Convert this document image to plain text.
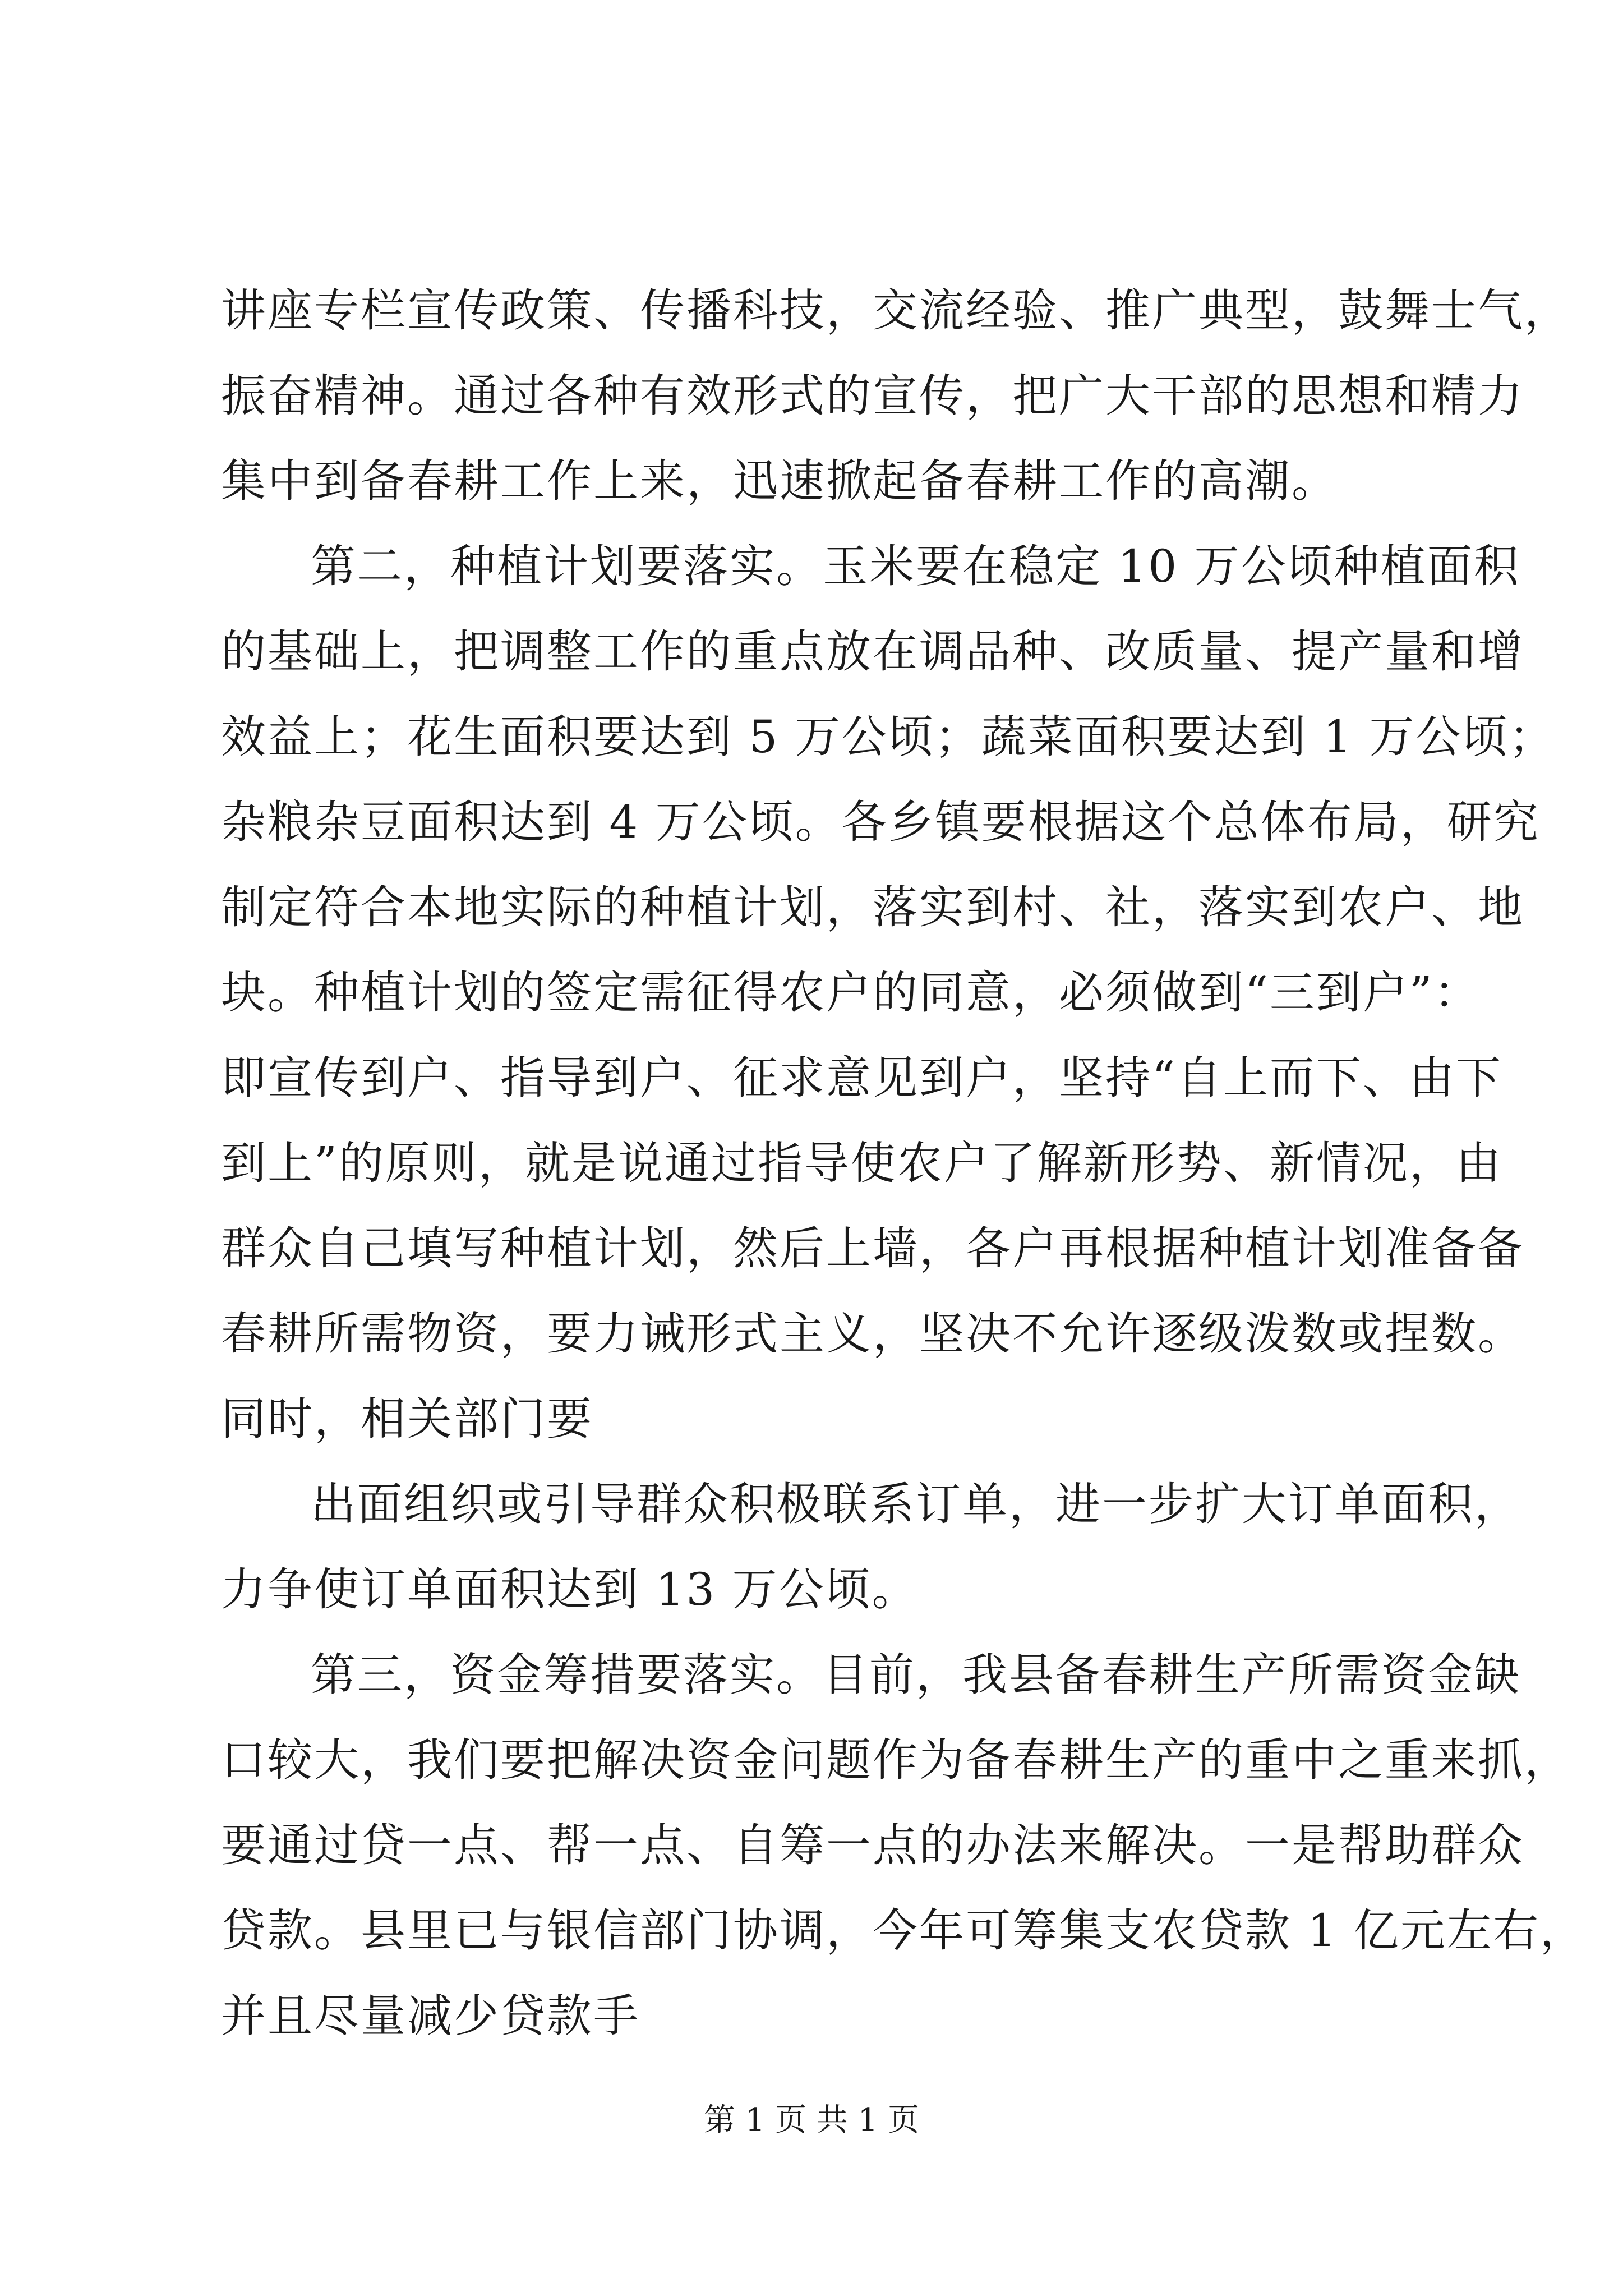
讲座专栏宣传政策、传播科技，交流经验、推广典型，鼓舞士气，
振奋精神。通过各种有效形式的宣传，把广大干部的思想和精力
集中到备春耕工作上来，迅速掀起备春耕工作的高潮。
第二，种植计划要落实。玉米要在稳定 10 万公顷种植面积
的基础上，把调整工作的重点放在调品种、改质量、提产量和增
效益上；花生面积要达到 5 万公顷；蔬菜面积要达到 1 万公顷；
杂粮杂豆面积达到 4 万公顷。各乡镇要根据这个总体布局，研究
制定符合本地实际的种植计划，落实到村、社，落实到农户、地
块。种植计划的签定需征得农户的同意，必须做到“三到户”：
即宣传到户、指导到户、征求意见到户，坚持“自上而下、由下
到上”的原则，就是说通过指导使农户了解新形势、新情况，由
群众自己填写种植计划，然后上墙，各户再根据种植计划准备备
春耕所需物资，要力诫形式主义，坚决不允许逐级泼数或捏数。
同时，相关部门要
出面组织或引导群众积极联系订单，进一步扩大订单面积，
力争使订单面积达到 13 万公顷。
第三，资金筹措要落实。目前，我县备春耕生产所需资金缺
口较大，我们要把解决资金问题作为备春耕生产的重中之重来抓，
要通过贷一点、帮一点、自筹一点的办法来解决。一是帮助群众
贷款。县里已与银信部门协调，今年可筹集支农贷款 1 亿元左右，
并且尽量减少贷款手
第 1 页 共 1 页
